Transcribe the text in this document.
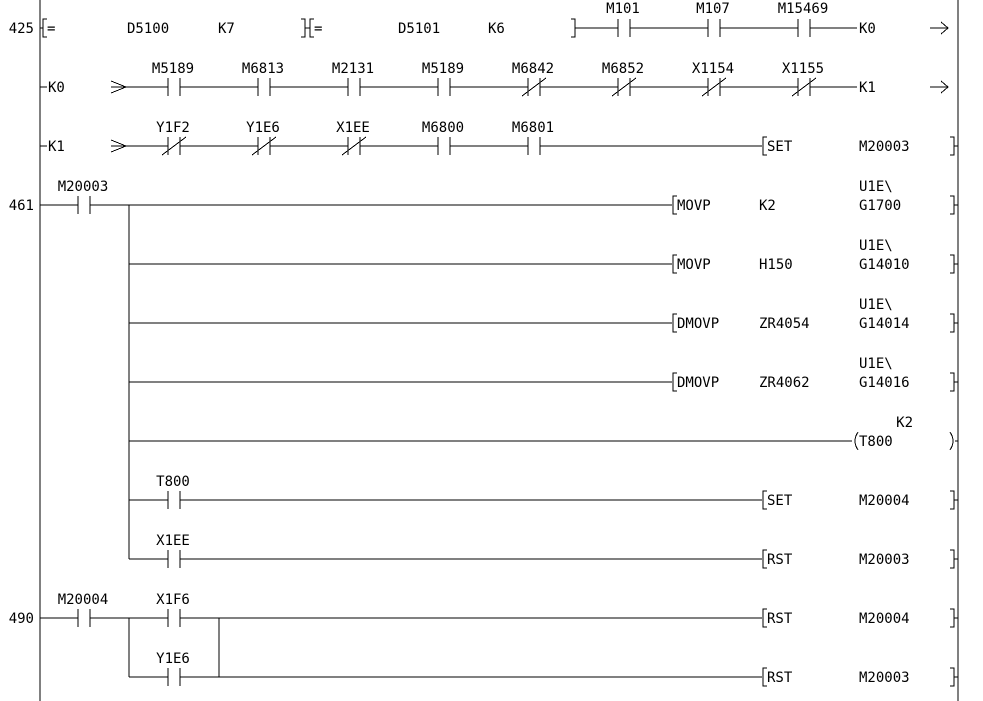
425 =	D5100	K7	=	D5101	K6
M101	M107	M15469
K0
K0
M5189	M6813	M2131	M5189	M6842	M6852	X1154	X1155
K1
K1
Y1F2	Y1E6	X1EE	M6800	M6801
SET	M20003
461
M20003
MOVP	K2
U1E\
G1700
MOVP	H150
U1E\
G14010
DMOVP	ZR4054
U1E\
G14014
DMOVP	ZR4062
U1E\
G14016
K2
T800
T800
SET	M20004
X1EE
RST	M20003
490
M20004	X1F6
RST	M20004
Y1E6
RST	M20003
